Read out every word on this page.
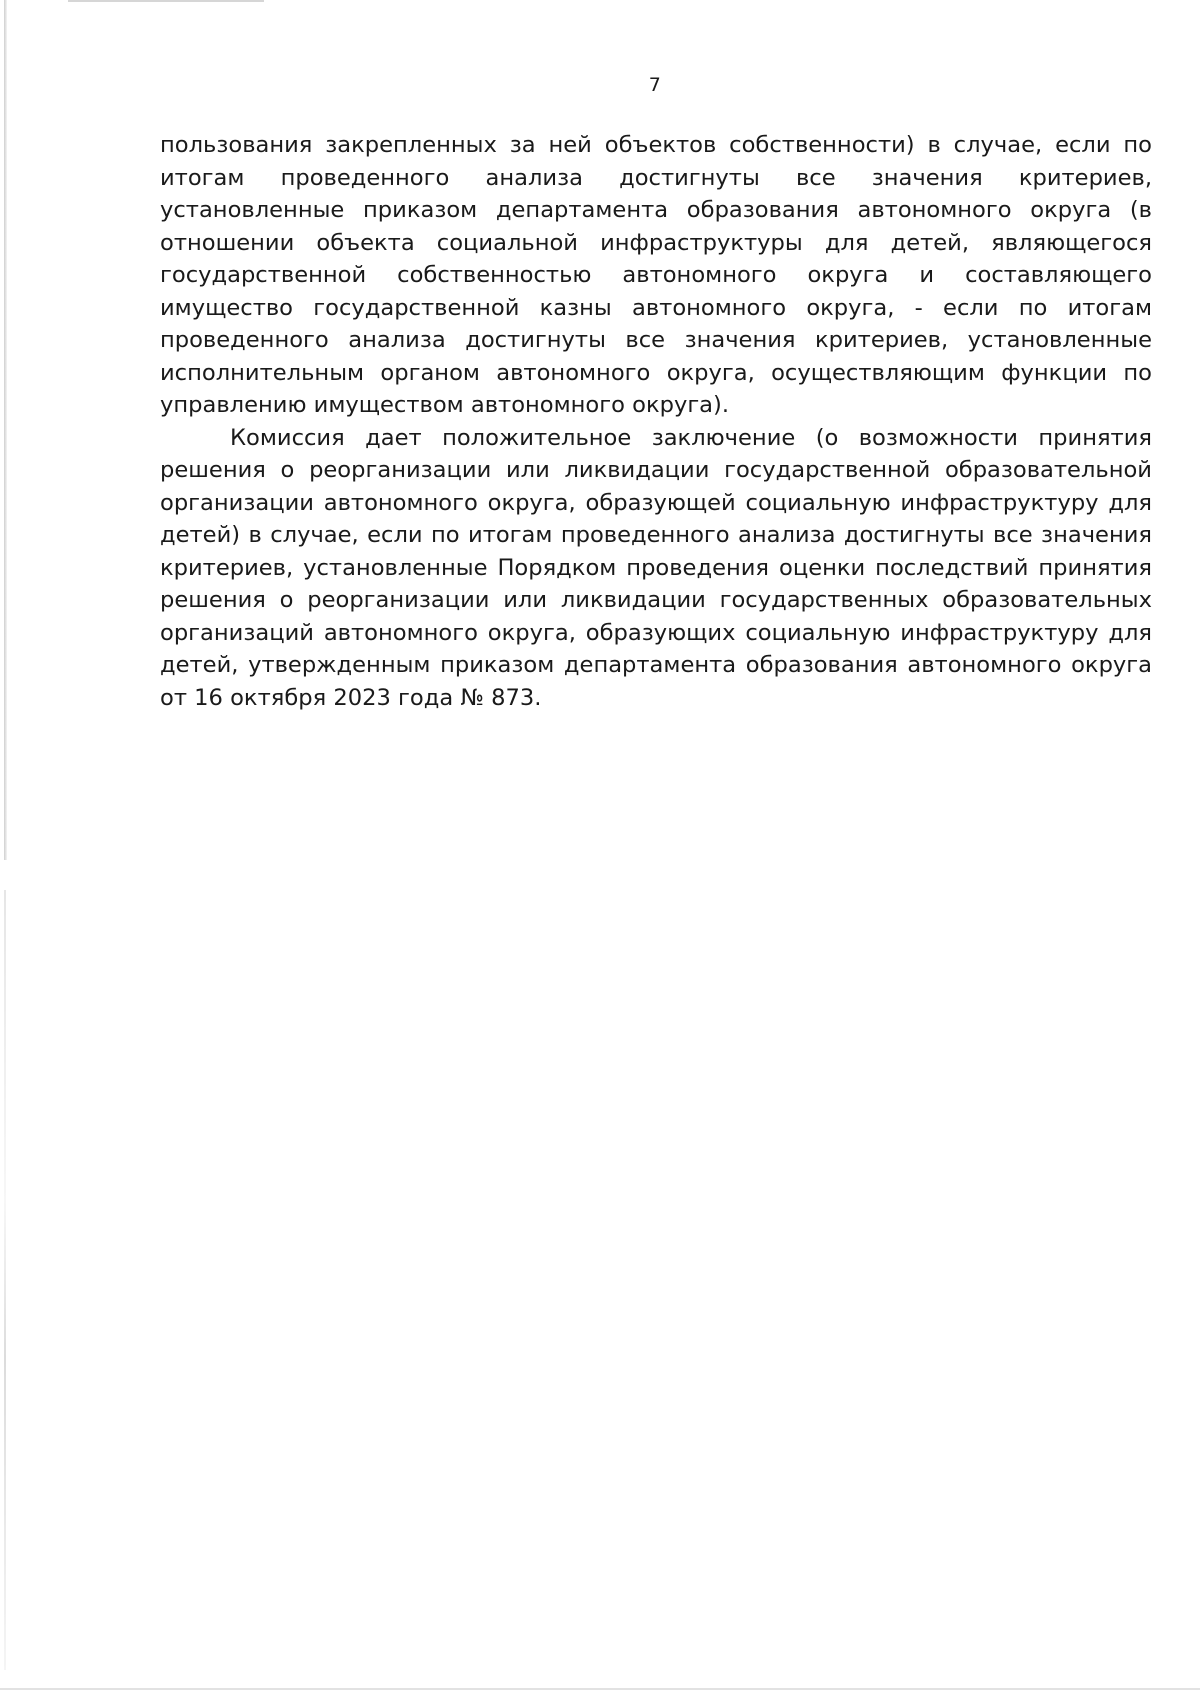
7

пользования закрепленных за ней объектов собственности) в случае, если по итогам проведенного анализа достигнуты все значения критериев, установленные приказом департамента образования автономного округа (в отношении объекта социальной инфраструктуры для детей, являющегося государственной собственностью автономного округа и составляющего имущество государственной казны автономного округа, - если по итогам проведенного анализа достигнуты все значения критериев, установленные исполнительным органом автономного округа, осуществляющим функции по управлению имуществом автономного округа).

Комиссия дает положительное заключение (о возможности принятия решения о реорганизации или ликвидации государственной образовательной организации автономного округа, образующей социальную инфраструктуру для детей) в случае, если по итогам проведенного анализа достигнуты все значения критериев, установленные Порядком проведения оценки последствий принятия решения о реорганизации или ликвидации государственных образовательных организаций автономного округа, образующих социальную инфраструктуру для детей, утвержденным приказом департамента образования автономного округа от 16 октября 2023 года № 873.
